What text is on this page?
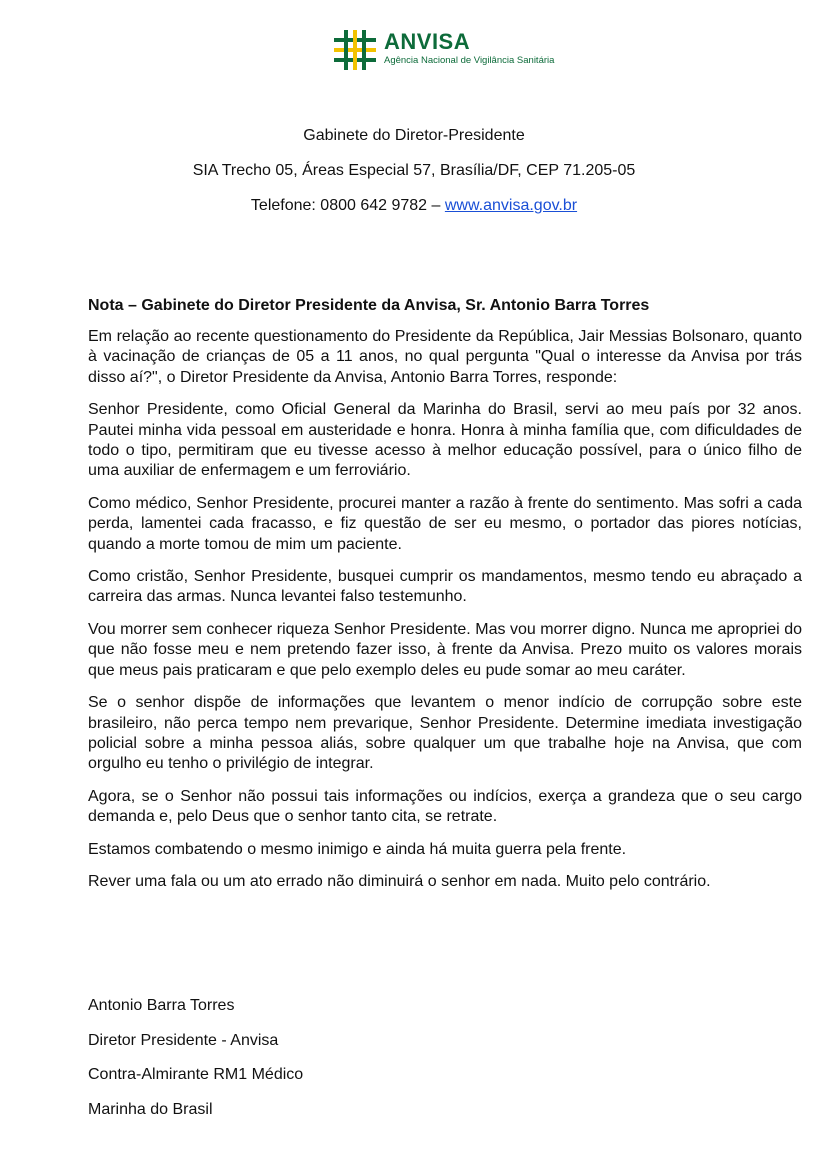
ANVISA
Agência Nacional de Vigilância Sanitária
Gabinete do Diretor-Presidente
SIA Trecho 05, Áreas Especial 57, Brasília/DF, CEP 71.205-05
Telefone: 0800 642 9782 – www.anvisa.gov.br
Nota – Gabinete do Diretor Presidente da Anvisa, Sr. Antonio Barra Torres

Em relação ao recente questionamento do Presidente da República, Jair Messias Bolsonaro, quanto à vacinação de crianças de 05 a 11 anos, no qual pergunta "Qual o interesse da Anvisa por trás disso aí?", o Diretor Presidente da Anvisa, Antonio Barra Torres, responde:

Senhor Presidente, como Oficial General da Marinha do Brasil, servi ao meu país por 32 anos. Pautei minha vida pessoal em austeridade e honra. Honra à minha família que, com dificuldades de todo o tipo, permitiram que eu tivesse acesso à melhor educação possível, para o único filho de uma auxiliar de enfermagem e um ferroviário.

Como médico, Senhor Presidente, procurei manter a razão à frente do sentimento. Mas sofri a cada perda, lamentei cada fracasso, e fiz questão de ser eu mesmo, o portador das piores notícias, quando a morte tomou de mim um paciente.

Como cristão, Senhor Presidente, busquei cumprir os mandamentos, mesmo tendo eu abraçado a carreira das armas. Nunca levantei falso testemunho.

Vou morrer sem conhecer riqueza Senhor Presidente. Mas vou morrer digno. Nunca me apropriei do que não fosse meu e nem pretendo fazer isso, à frente da Anvisa. Prezo muito os valores morais que meus pais praticaram e que pelo exemplo deles eu pude somar ao meu caráter.

Se o senhor dispõe de informações que levantem o menor indício de corrupção sobre este brasileiro, não perca tempo nem prevarique, Senhor Presidente. Determine imediata investigação policial sobre a minha pessoa aliás, sobre qualquer um que trabalhe hoje na Anvisa, que com orgulho eu tenho o privilégio de integrar.

Agora, se o Senhor não possui tais informações ou indícios, exerça a grandeza que o seu cargo demanda e, pelo Deus que o senhor tanto cita, se retrate.

Estamos combatendo o mesmo inimigo e ainda há muita guerra pela frente.

Rever uma fala ou um ato errado não diminuirá o senhor em nada. Muito pelo contrário.

Antonio Barra Torres
Diretor Presidente - Anvisa
Contra-Almirante RM1 Médico
Marinha do Brasil
